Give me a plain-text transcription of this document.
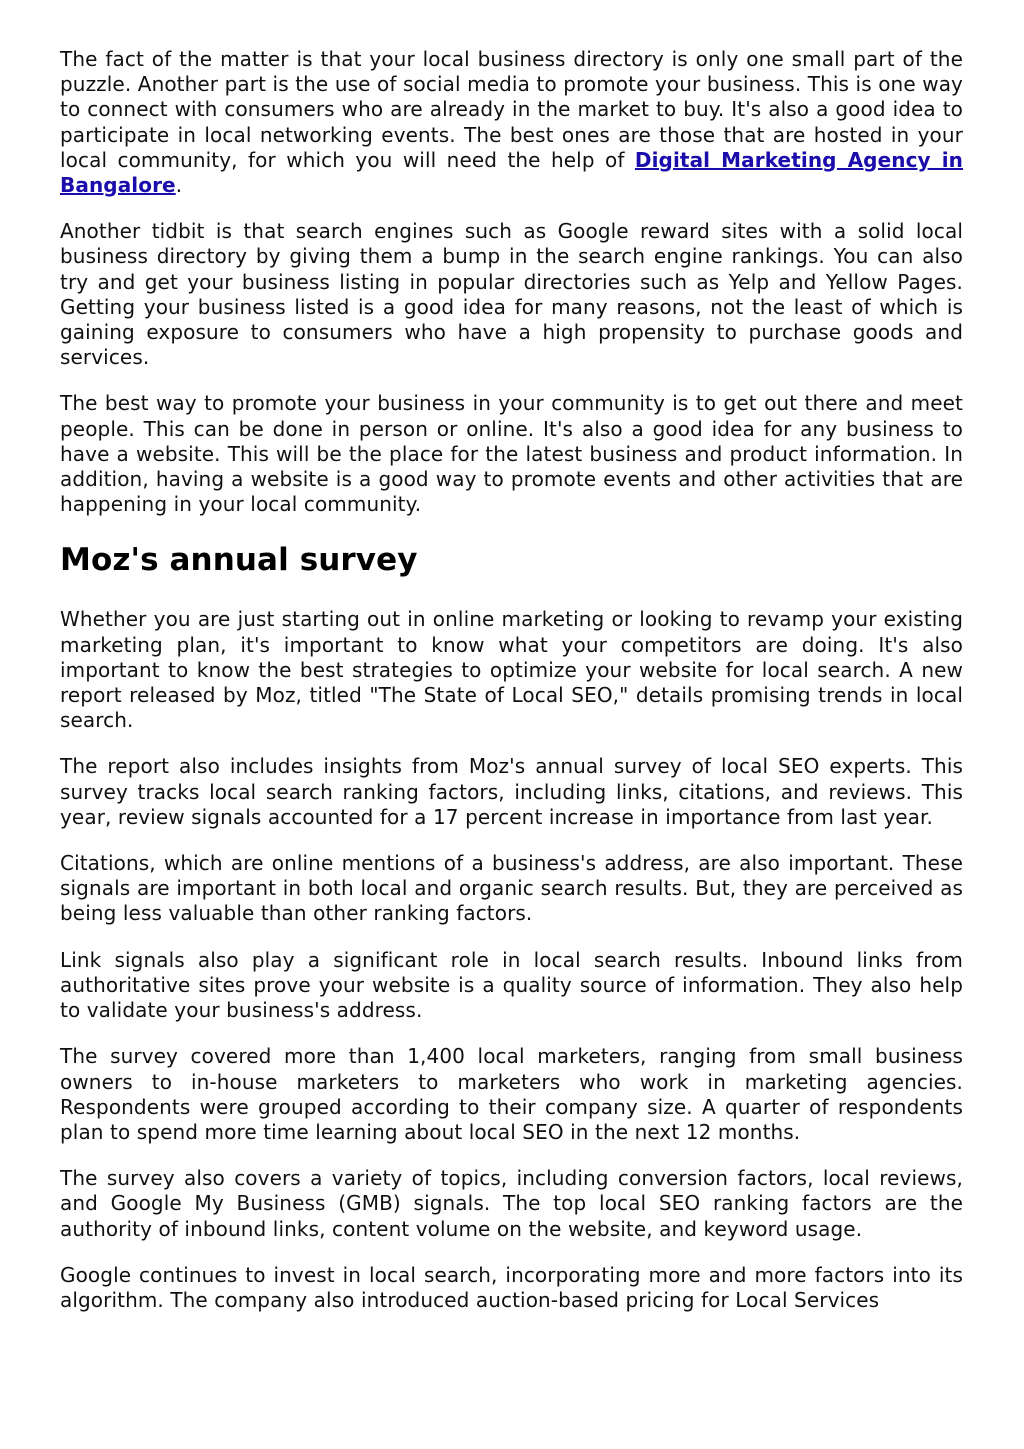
The fact of the matter is that your local business directory is only one small part of the puzzle. Another part is the use of social media to promote your business. This is one way to connect with consumers who are already in the market to buy. It's also a good idea to participate in local networking events. The best ones are those that are hosted in your local community, for which you will need the help of Digital Marketing Agency in Bangalore.

Another tidbit is that search engines such as Google reward sites with a solid local business directory by giving them a bump in the search engine rankings. You can also try and get your business listing in popular directories such as Yelp and Yellow Pages. Getting your business listed is a good idea for many reasons, not the least of which is gaining exposure to consumers who have a high propensity to purchase goods and services.

The best way to promote your business in your community is to get out there and meet people. This can be done in person or online. It's also a good idea for any business to have a website. This will be the place for the latest business and product information. In addition, having a website is a good way to promote events and other activities that are happening in your local community.

Moz's annual survey

Whether you are just starting out in online marketing or looking to revamp your existing marketing plan, it's important to know what your competitors are doing. It's also important to know the best strategies to optimize your website for local search. A new report released by Moz, titled "The State of Local SEO," details promising trends in local search.

The report also includes insights from Moz's annual survey of local SEO experts. This survey tracks local search ranking factors, including links, citations, and reviews. This year, review signals accounted for a 17 percent increase in importance from last year.

Citations, which are online mentions of a business's address, are also important. These signals are important in both local and organic search results. But, they are perceived as being less valuable than other ranking factors.

Link signals also play a significant role in local search results. Inbound links from authoritative sites prove your website is a quality source of information. They also help to validate your business's address.

The survey covered more than 1,400 local marketers, ranging from small business owners to in-house marketers to marketers who work in marketing agencies. Respondents were grouped according to their company size. A quarter of respondents plan to spend more time learning about local SEO in the next 12 months.

The survey also covers a variety of topics, including conversion factors, local reviews, and Google My Business (GMB) signals. The top local SEO ranking factors are the authority of inbound links, content volume on the website, and keyword usage.

Google continues to invest in local search, incorporating more and more factors into its algorithm. The company also introduced auction-based pricing for Local Services
